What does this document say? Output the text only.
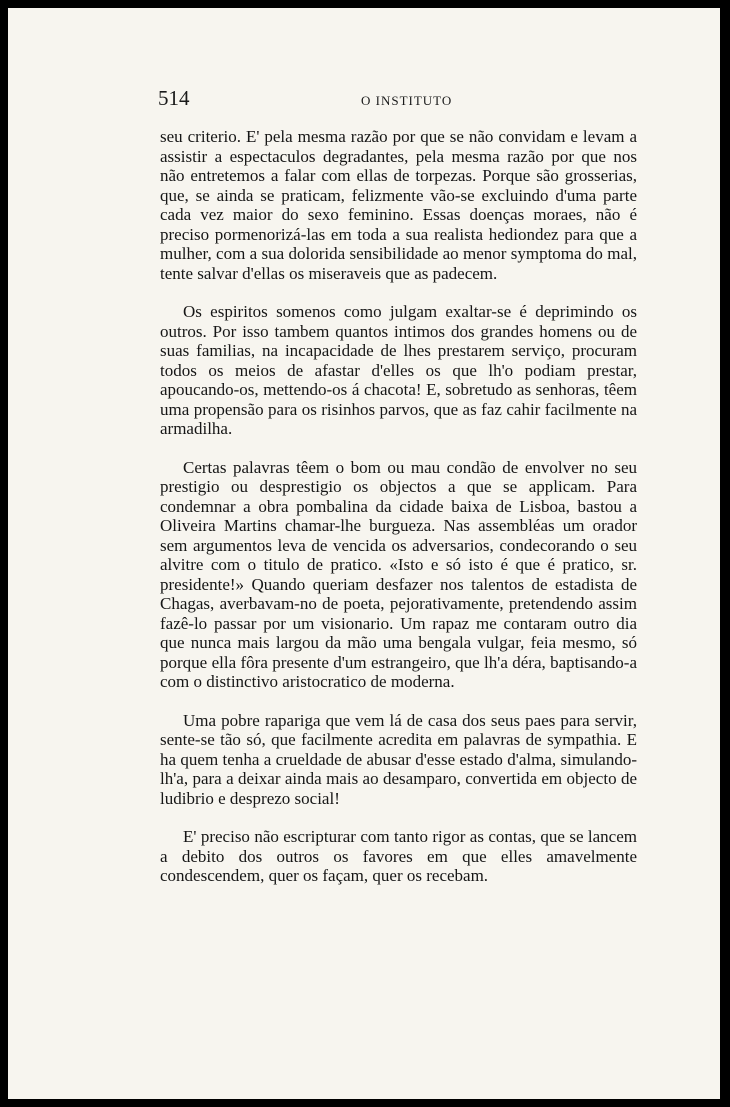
514	O INSTITUTO

seu criterio. E' pela mesma razão por que se não convidam e levam a assistir a espectaculos degradantes, pela mesma razão por que nos não entretemos a falar com ellas de torpezas. Porque são grosserias, que, se ainda se praticam, felizmente vão-se excluindo d'uma parte cada vez maior do sexo feminino. Essas doenças moraes, não é preciso pormenorizá-las em toda a sua realista hediondez para que a mulher, com a sua dolorida sensibilidade ao menor symptoma do mal, tente salvar d'ellas os miseraveis que as padecem.

Os espiritos somenos como julgam exaltar-se é deprimindo os outros. Por isso tambem quantos intimos dos grandes homens ou de suas familias, na incapacidade de lhes prestarem serviço, procuram todos os meios de afastar d'elles os que lh'o podiam prestar, apoucando-os, mettendo-os á chacota! E, sobretudo as senhoras, têem uma propensão para os risinhos parvos, que as faz cahir facilmente na armadilha.

Certas palavras têem o bom ou mau condão de envolver no seu prestigio ou desprestigio os objectos a que se applicam. Para condemnar a obra pombalina da cidade baixa de Lisboa, bastou a Oliveira Martins chamar-lhe burgueza. Nas assembléas um orador sem argumentos leva de vencida os adversarios, condecorando o seu alvitre com o titulo de pratico. «Isto e só isto é que é pratico, sr. presidente!» Quando queriam desfazer nos talentos de estadista de Chagas, averbavam-no de poeta, pejorativamente, pretendendo assim fazê-lo passar por um visionario. Um rapaz me contaram outro dia que nunca mais largou da mão uma bengala vulgar, feia mesmo, só porque ella fôra presente d'um estrangeiro, que lh'a déra, baptisando-a com o distinctivo aristocratico de moderna.

Uma pobre rapariga que vem lá de casa dos seus paes para servir, sente-se tão só, que facilmente acredita em palavras de sympathia. E ha quem tenha a crueldade de abusar d'esse estado d'alma, simulando-lh'a, para a deixar ainda mais ao desamparo, convertida em objecto de ludibrio e desprezo social!

E' preciso não escripturar com tanto rigor as contas, que se lancem a debito dos outros os favores em que elles amavelmente condescendem, quer os façam, quer os recebam.
